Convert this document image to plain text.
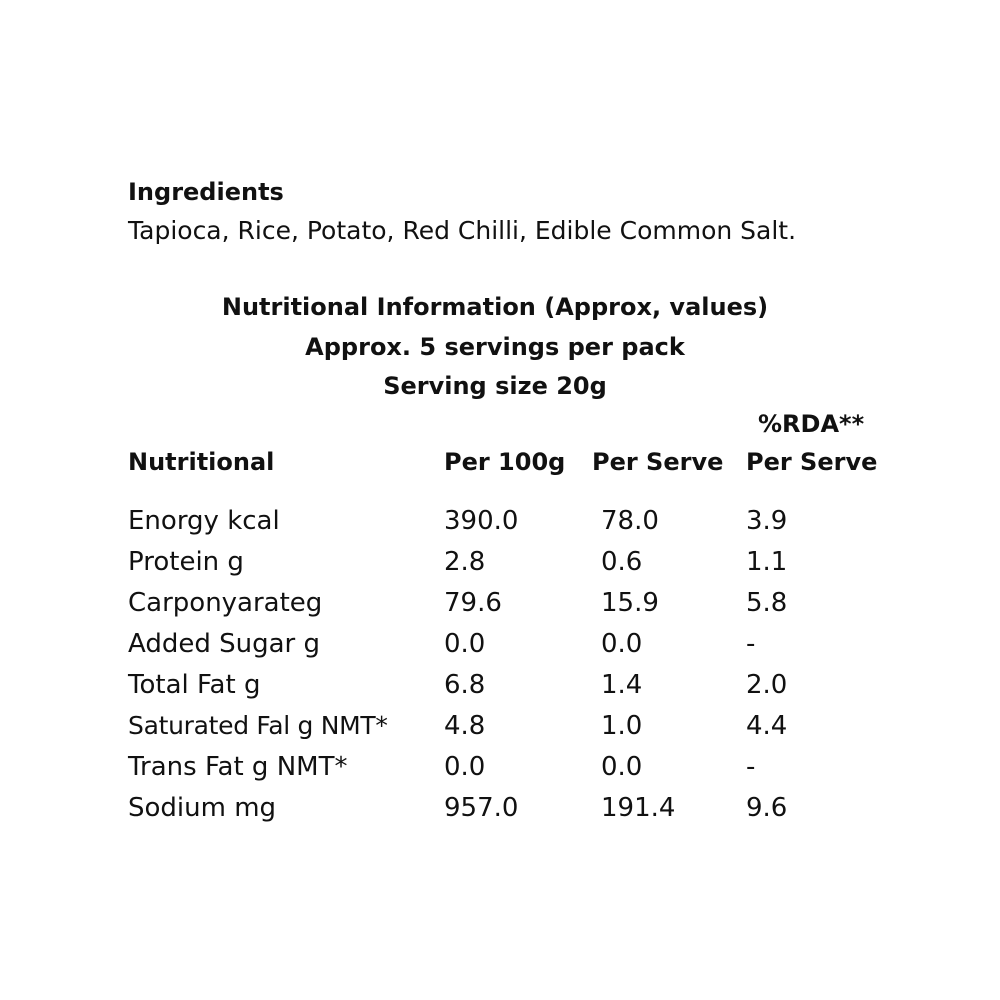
Ingredients
Tapioca, Rice, Potato, Red Chilli, Edible Common Salt.
Nutritional Information (Approx, values)
Approx. 5 servings per pack
Serving size 20g
%RDA**
Nutritional	Per 100g Per Serve Per Serve
Enorgy kcal	390.0	78.0	3.9
Protein g	2.8	0.6	1.1
Carponyarateg	79.6	15.9	5.8
Added Sugar g	0.0	0.0	-
Total Fat g	6.8	1.4	2.0
Saturated Fal g NMT* 4.8	1.0	4.4
Trans Fat g NMT*	0.0	0.0	-
Sodium mg	957.0	191.4	9.6
